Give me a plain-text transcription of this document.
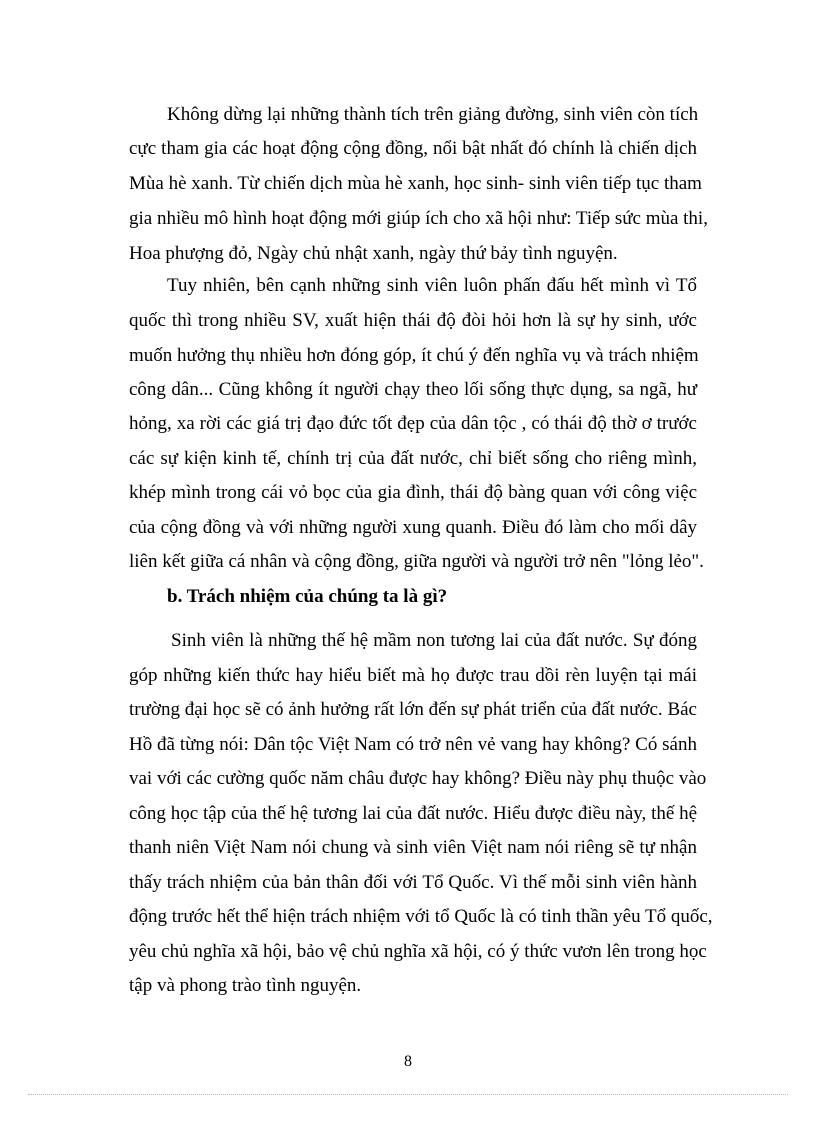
Không dừng lại những thành tích trên giảng đường, sinh viên còn tích
cực tham gia các hoạt động cộng đồng, nổi bật nhất đó chính là chiến dịch
Mùa hè xanh. Từ chiến dịch mùa hè xanh, học sinh- sinh viên tiếp tục tham
gia nhiều mô hình hoạt động mới giúp ích cho xã hội như: Tiếp sức mùa thi,
Hoa phượng đỏ, Ngày chủ nhật xanh, ngày thứ bảy tình nguyện.
Tuy nhiên, bên cạnh những sinh viên luôn phấn đấu hết mình vì Tổ
quốc thì trong nhiều SV, xuất hiện thái độ đòi hỏi hơn là sự hy sinh, ước
muốn hưởng thụ nhiều hơn đóng góp, ít chú ý đến nghĩa vụ và trách nhiệm
công dân... Cũng không ít người chạy theo lối sống thực dụng, sa ngã, hư
hỏng, xa rời các giá trị đạo đức tốt đẹp của dân tộc , có thái độ thờ ơ trước
các sự kiện kinh tế, chính trị của đất nước, chỉ biết sống cho riêng mình,
khép mình trong cái vỏ bọc của gia đình, thái độ bàng quan với công việc
của cộng đồng và với những người xung quanh. Điều đó làm cho mối dây
liên kết giữa cá nhân và cộng đồng, giữa người và người trở nên "lỏng lẻo".
b. Trách nhiệm của chúng ta là gì?
Sinh viên là những thế hệ mầm non tương lai của đất nước. Sự đóng
góp những kiến thức hay hiểu biết mà họ được trau dồi rèn luyện tại mái
trường đại học sẽ có ảnh hưởng rất lớn đến sự phát triển của đất nước. Bác
Hồ đã từng nói: Dân tộc Việt Nam có trở nên vẻ vang hay không? Có sánh
vai với các cường quốc năm châu được hay không? Điều này phụ thuộc vào
công học tập của thế hệ tương lai của đất nước. Hiểu được điều này, thế hệ
thanh niên Việt Nam nói chung và sinh viên Việt nam nói riêng sẽ tự nhận
thấy trách nhiệm của bản thân đối với Tổ Quốc. Vì thế mỗi sinh viên hành
động trước hết thể hiện trách nhiệm với tổ Quốc là có tinh thần yêu Tổ quốc,
yêu chủ nghĩa xã hội, bảo vệ chủ nghĩa xã hội, có ý thức vươn lên trong học
tập và phong trào tình nguyện.
8
